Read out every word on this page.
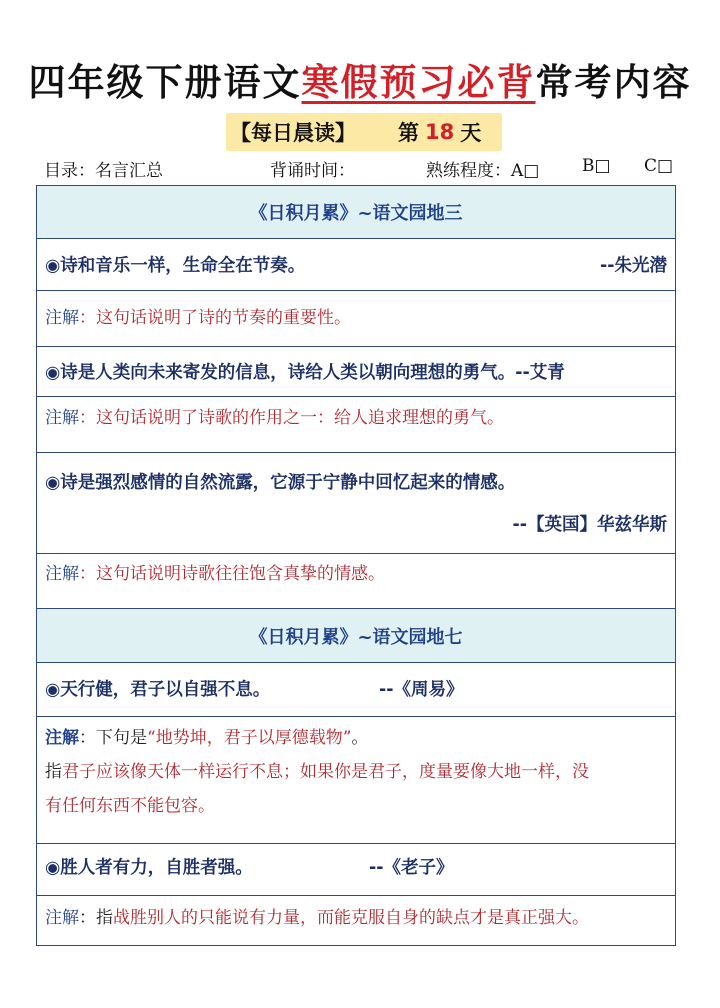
四年级下册语文寒假预习必背常考内容
【每日晨读】 第 18 天
目录：名言汇总	背诵时间：	熟练程度：A□	B□ C□
《日积月累》~语文园地三
◉诗和音乐一样，生命全在节奏。	--朱光潜
注解：这句话说明了诗的节奏的重要性。
◉诗是人类向未来寄发的信息，诗给人类以朝向理想的勇气。--艾青
注解：这句话说明了诗歌的作用之一：给人追求理想的勇气。
◉诗是强烈感情的自然流露，它源于宁静中回忆起来的情感。
--【英国】华兹华斯
注解：这句话说明诗歌往往饱含真挚的情感。
《日积月累》~语文园地七
◉天行健，君子以自强不息。	--《周易》
注解：下句是“地势坤，君子以厚德载物”。
指君子应该像天体一样运行不息；如果你是君子，度量要像大地一样，没
有任何东西不能包容。
◉胜人者有力，自胜者强。	--《老子》
注解：指战胜别人的只能说有力量，而能克服自身的缺点才是真正强大。
